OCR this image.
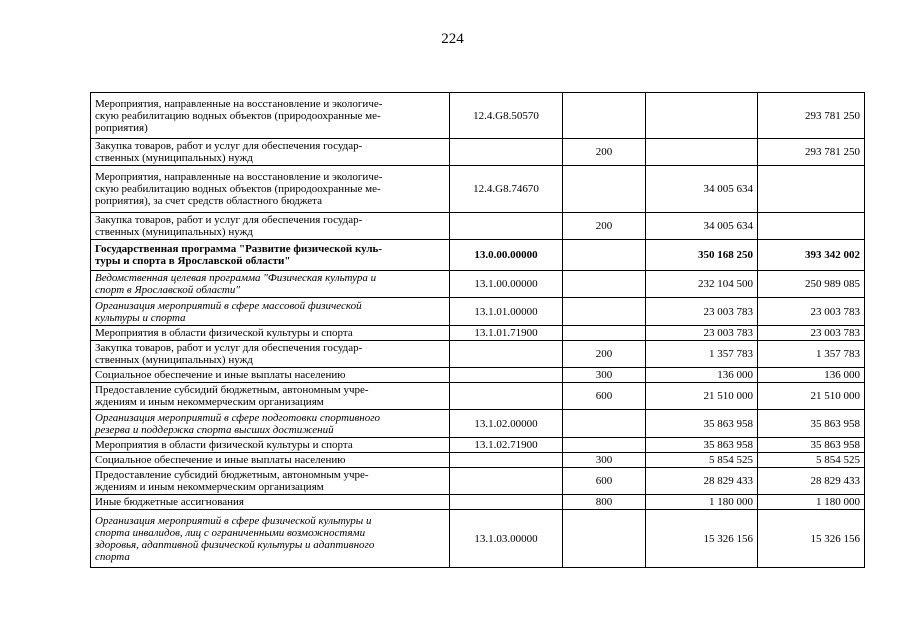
224
Мероприятия, направленные на восстановление и экологиче-
скую реабилитацию водных объектов (природоохранные ме-
роприятия)	12.4.G8.50570			293 781 250
Закупка товаров, работ и услуг для обеспечения государ-
ственных (муниципальных) нужд		200		293 781 250
Мероприятия, направленные на восстановление и экологиче-
скую реабилитацию водных объектов (природоохранные ме-
роприятия), за счет средств областного бюджета	12.4.G8.74670		34 005 634	
Закупка товаров, работ и услуг для обеспечения государ-
ственных (муниципальных) нужд		200	34 005 634	
Государственная программа "Развитие физической куль-
туры и спорта в Ярославской области"	13.0.00.00000		350 168 250	393 342 002
Ведомственная целевая программа "Физическая культура и
спорт в Ярославской области"	13.1.00.00000		232 104 500	250 989 085
Организация мероприятий в сфере массовой физической
культуры и спорта	13.1.01.00000		23 003 783	23 003 783
Мероприятия в области физической культуры и спорта	13.1.01.71900		23 003 783	23 003 783
Закупка товаров, работ и услуг для обеспечения государ-
ственных (муниципальных) нужд		200	1 357 783	1 357 783
Социальное обеспечение и иные выплаты населению		300	136 000	136 000
Предоставление субсидий бюджетным, автономным учре-
ждениям и иным некоммерческим организациям		600	21 510 000	21 510 000
Организация мероприятий в сфере подготовки спортивного
резерва и поддержка спорта высших достижений	13.1.02.00000		35 863 958	35 863 958
Мероприятия в области физической культуры и спорта	13.1.02.71900		35 863 958	35 863 958
Социальное обеспечение и иные выплаты населению		300	5 854 525	5 854 525
Предоставление субсидий бюджетным, автономным учре-
ждениям и иным некоммерческим организациям		600	28 829 433	28 829 433
Иные бюджетные ассигнования		800	1 180 000	1 180 000
Организация мероприятий в сфере физической культуры и
спорта инвалидов, лиц с ограниченными возможностями
здоровья, адаптивной физической культуры и адаптивного
спорта	13.1.03.00000		15 326 156	15 326 156
